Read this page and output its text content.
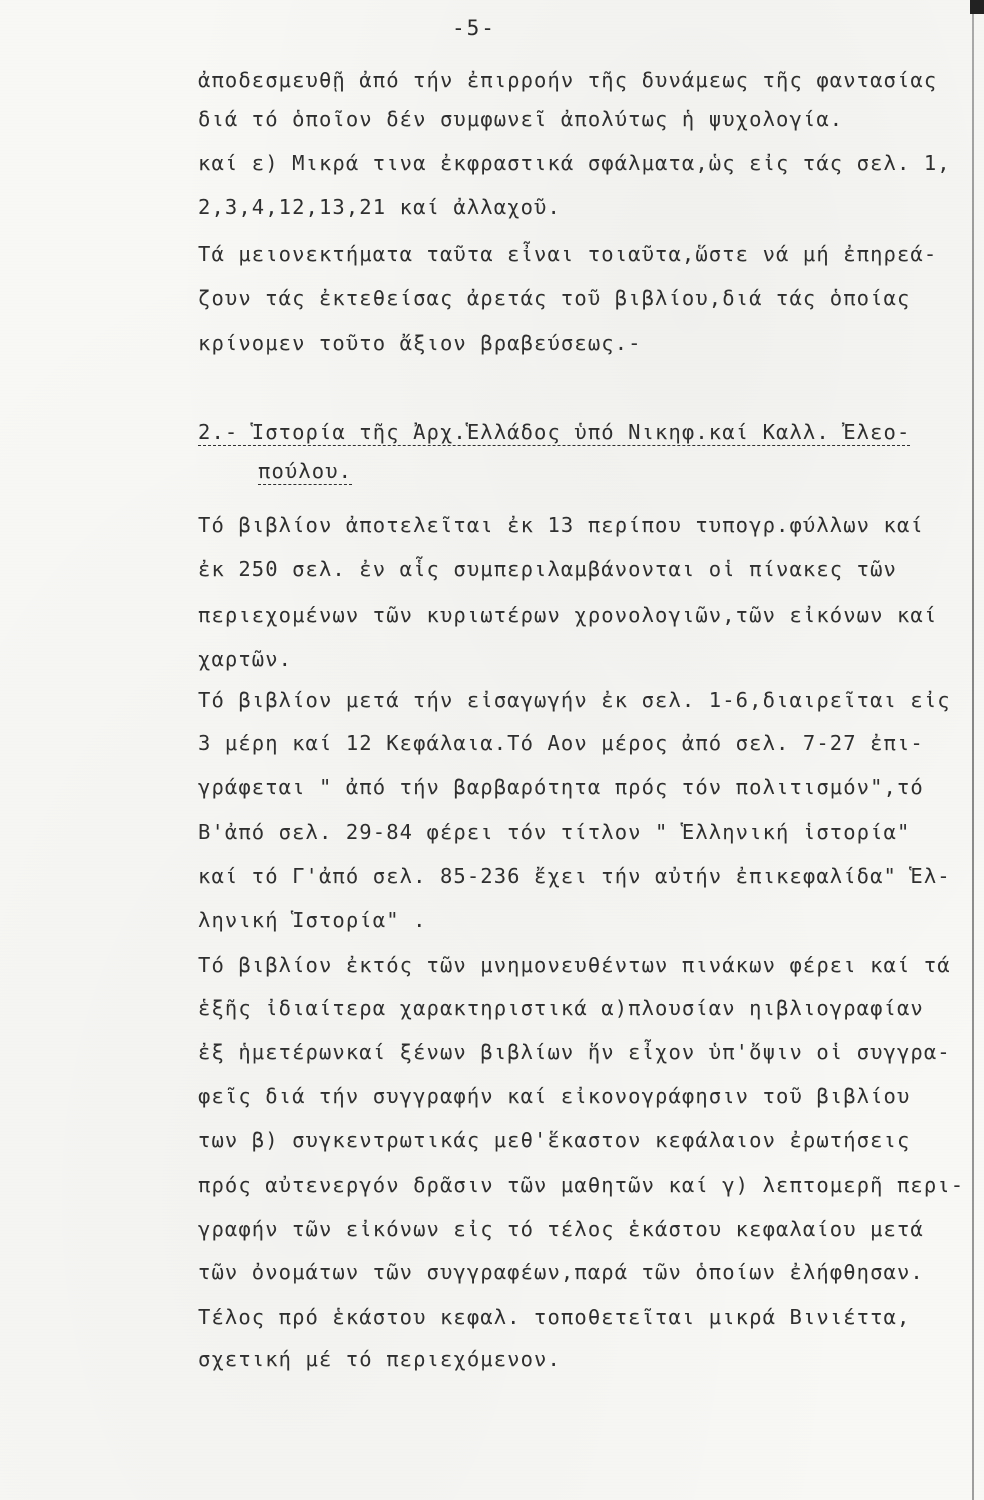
-5-
ἀποδεσμευθῇ ἀπό τήν ἐπιρροήν τῆς δυνάμεως τῆς φαντασίας
διά τό ὁποῖον δέν συμφωνεῖ ἀπολύτως ἡ ψυχολογία.
καί ε) Μικρά τινα ἐκφραστικά σφάλματα,ὡς εἰς τάς σελ. 1,
2,3,4,12,13,21 καί ἀλλαχοῦ.
Τά μειονεκτήματα ταῦτα εἶναι τοιαῦτα,ὥστε νά μή ἐπηρεά-
ζουν τάς ἐκτεθείσας ἀρετάς τοῦ βιβλίου,διά τάς ὁποίας
κρίνομεν τοῦτο ἄξιον βραβεύσεως.-
2.- Ἱστορία τῆς Ἀρχ.Ἑλλάδος ὑπό Νικηφ.καί Καλλ. Ἐλεο-
πούλου.
Τό βιβλίον ἀποτελεῖται ἐκ 13 περίπου τυπογρ.φύλλων καί
ἐκ 250 σελ. ἐν αἷς συμπεριλαμβάνονται οἱ πίνακες τῶν
περιεχομένων τῶν κυριωτέρων χρονολογιῶν,τῶν εἰκόνων καί
χαρτῶν.
Τό βιβλίον μετά τήν εἰσαγωγήν ἐκ σελ. 1-6,διαιρεῖται εἰς
3 μέρη καί 12 Κεφάλαια.Τό Αον μέρος ἀπό σελ. 7-27 ἐπι-
γράφεται " ἀπό τήν βαρβαρότητα πρός τόν πολιτισμόν",τό
Β'ἀπό σελ. 29-84 φέρει τόν τίτλον " Ἑλληνική ἱστορία"
καί τό Γ'ἀπό σελ. 85-236 ἔχει τήν αὐτήν ἐπικεφαλίδα" Ἑλ-
ληνική Ἱστορία" .
Τό βιβλίον ἐκτός τῶν μνημονευθέντων πινάκων φέρει καί τά
ἑξῆς ἰδιαίτερα χαρακτηριστικά α)πλουσίαν ηιβλιογραφίαν
ἐξ ἡμετέρωνκαί ξένων βιβλίων ἥν εἶχον ὑπ'ὄψιν οἱ συγγρα-
φεῖς διά τήν συγγραφήν καί εἰκονογράφησιν τοῦ βιβλίου
των β) συγκεντρωτικάς μεθ'ἕκαστον κεφάλαιον ἐρωτήσεις
πρός αὐτενεργόν δρᾶσιν τῶν μαθητῶν καί γ) λεπτομερῆ περι-
γραφήν τῶν εἰκόνων εἰς τό τέλος ἑκάστου κεφαλαίου μετά
τῶν ὀνομάτων τῶν συγγραφέων,παρά τῶν ὁποίων ἐλήφθησαν.
Τέλος πρό ἑκάστου κεφαλ. τοποθετεῖται μικρά Βινιέττα,
σχετική μέ τό περιεχόμενον.
